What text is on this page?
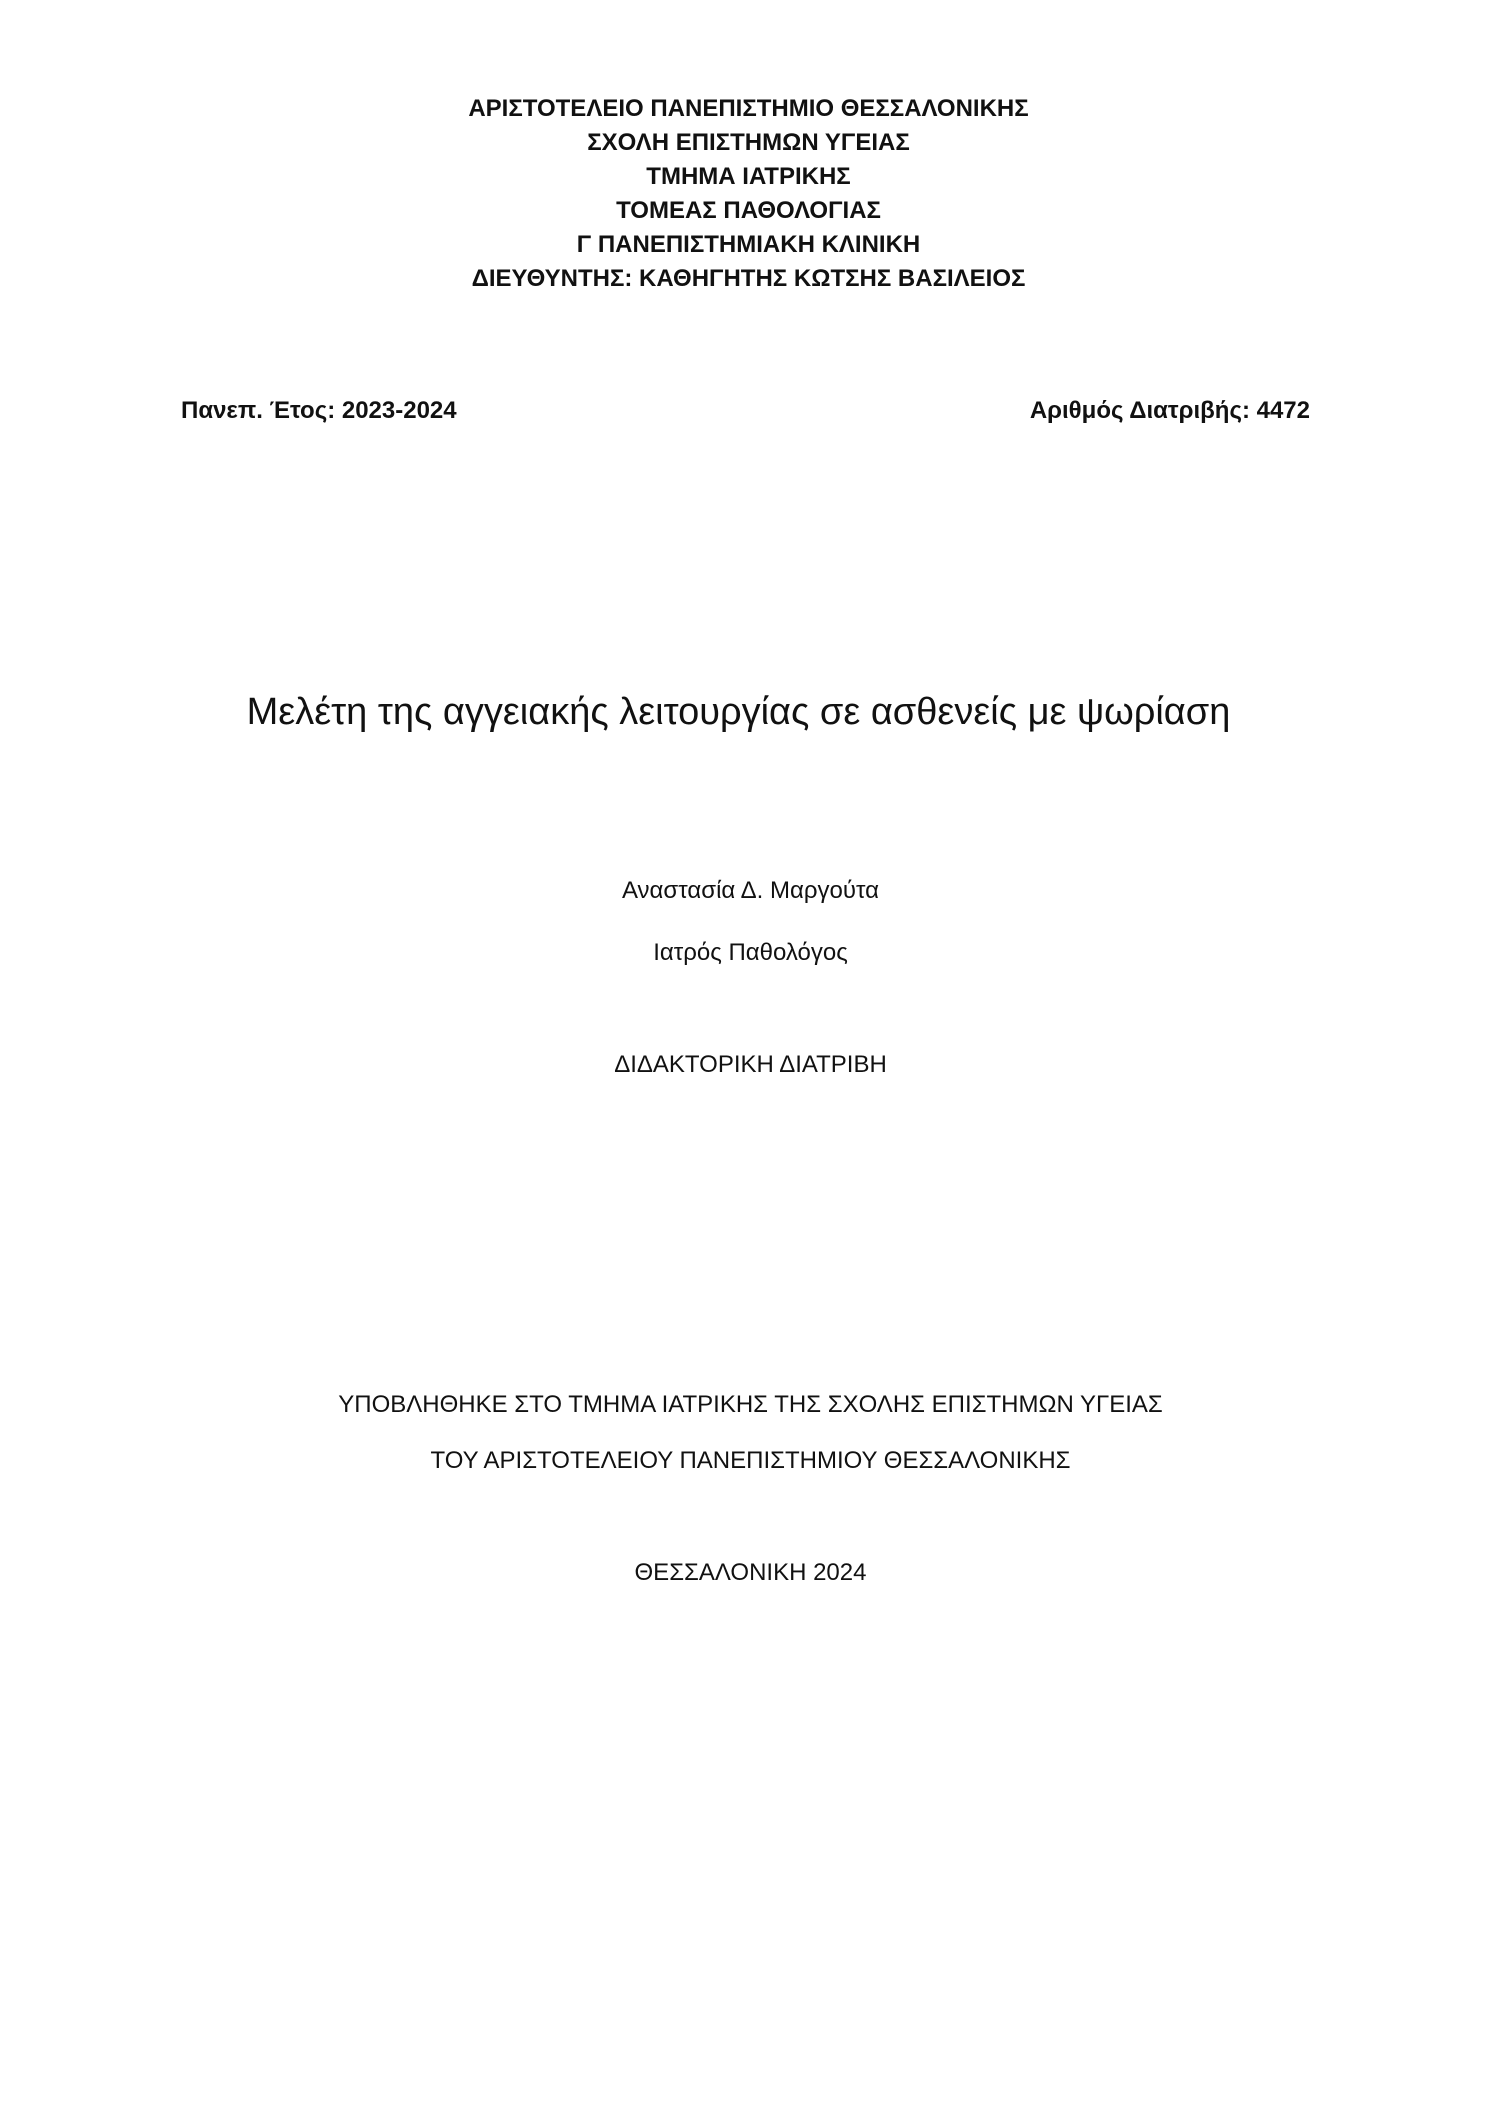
ΑΡΙΣΤΟΤΕΛΕΙΟ ΠΑΝΕΠΙΣΤΗΜΙΟ ΘΕΣΣΑΛΟΝΙΚΗΣ
ΣΧΟΛΗ ΕΠΙΣΤΗΜΩΝ ΥΓΕΙΑΣ
ΤΜΗΜΑ ΙΑΤΡΙΚΗΣ
ΤΟΜΕΑΣ ΠΑΘΟΛΟΓΙΑΣ
Γ ΠΑΝΕΠΙΣΤΗΜΙΑΚΗ ΚΛΙΝΙΚΗ
ΔΙΕΥΘΥΝΤΗΣ: ΚΑΘΗΓΗΤΗΣ ΚΩΤΣΗΣ ΒΑΣΙΛΕΙΟΣ
Πανεπ. Έτος: 2023-2024	Αριθμός Διατριβής: 4472
Μελέτη της αγγειακής λειτουργίας σε ασθενείς με ψωρίαση
Αναστασία Δ. Μαργούτα
Ιατρός Παθολόγος
ΔΙΔΑΚΤΟΡΙΚΗ ΔΙΑΤΡΙΒΗ
ΥΠΟΒΛΗΘΗΚΕ ΣΤΟ ΤΜΗΜΑ ΙΑΤΡΙΚΗΣ ΤΗΣ ΣΧΟΛΗΣ ΕΠΙΣΤΗΜΩΝ ΥΓΕΙΑΣ
ΤΟΥ ΑΡΙΣΤΟΤΕΛΕΙΟΥ ΠΑΝΕΠΙΣΤΗΜΙΟΥ ΘΕΣΣΑΛΟΝΙΚΗΣ
ΘΕΣΣΑΛΟΝΙΚΗ 2024
